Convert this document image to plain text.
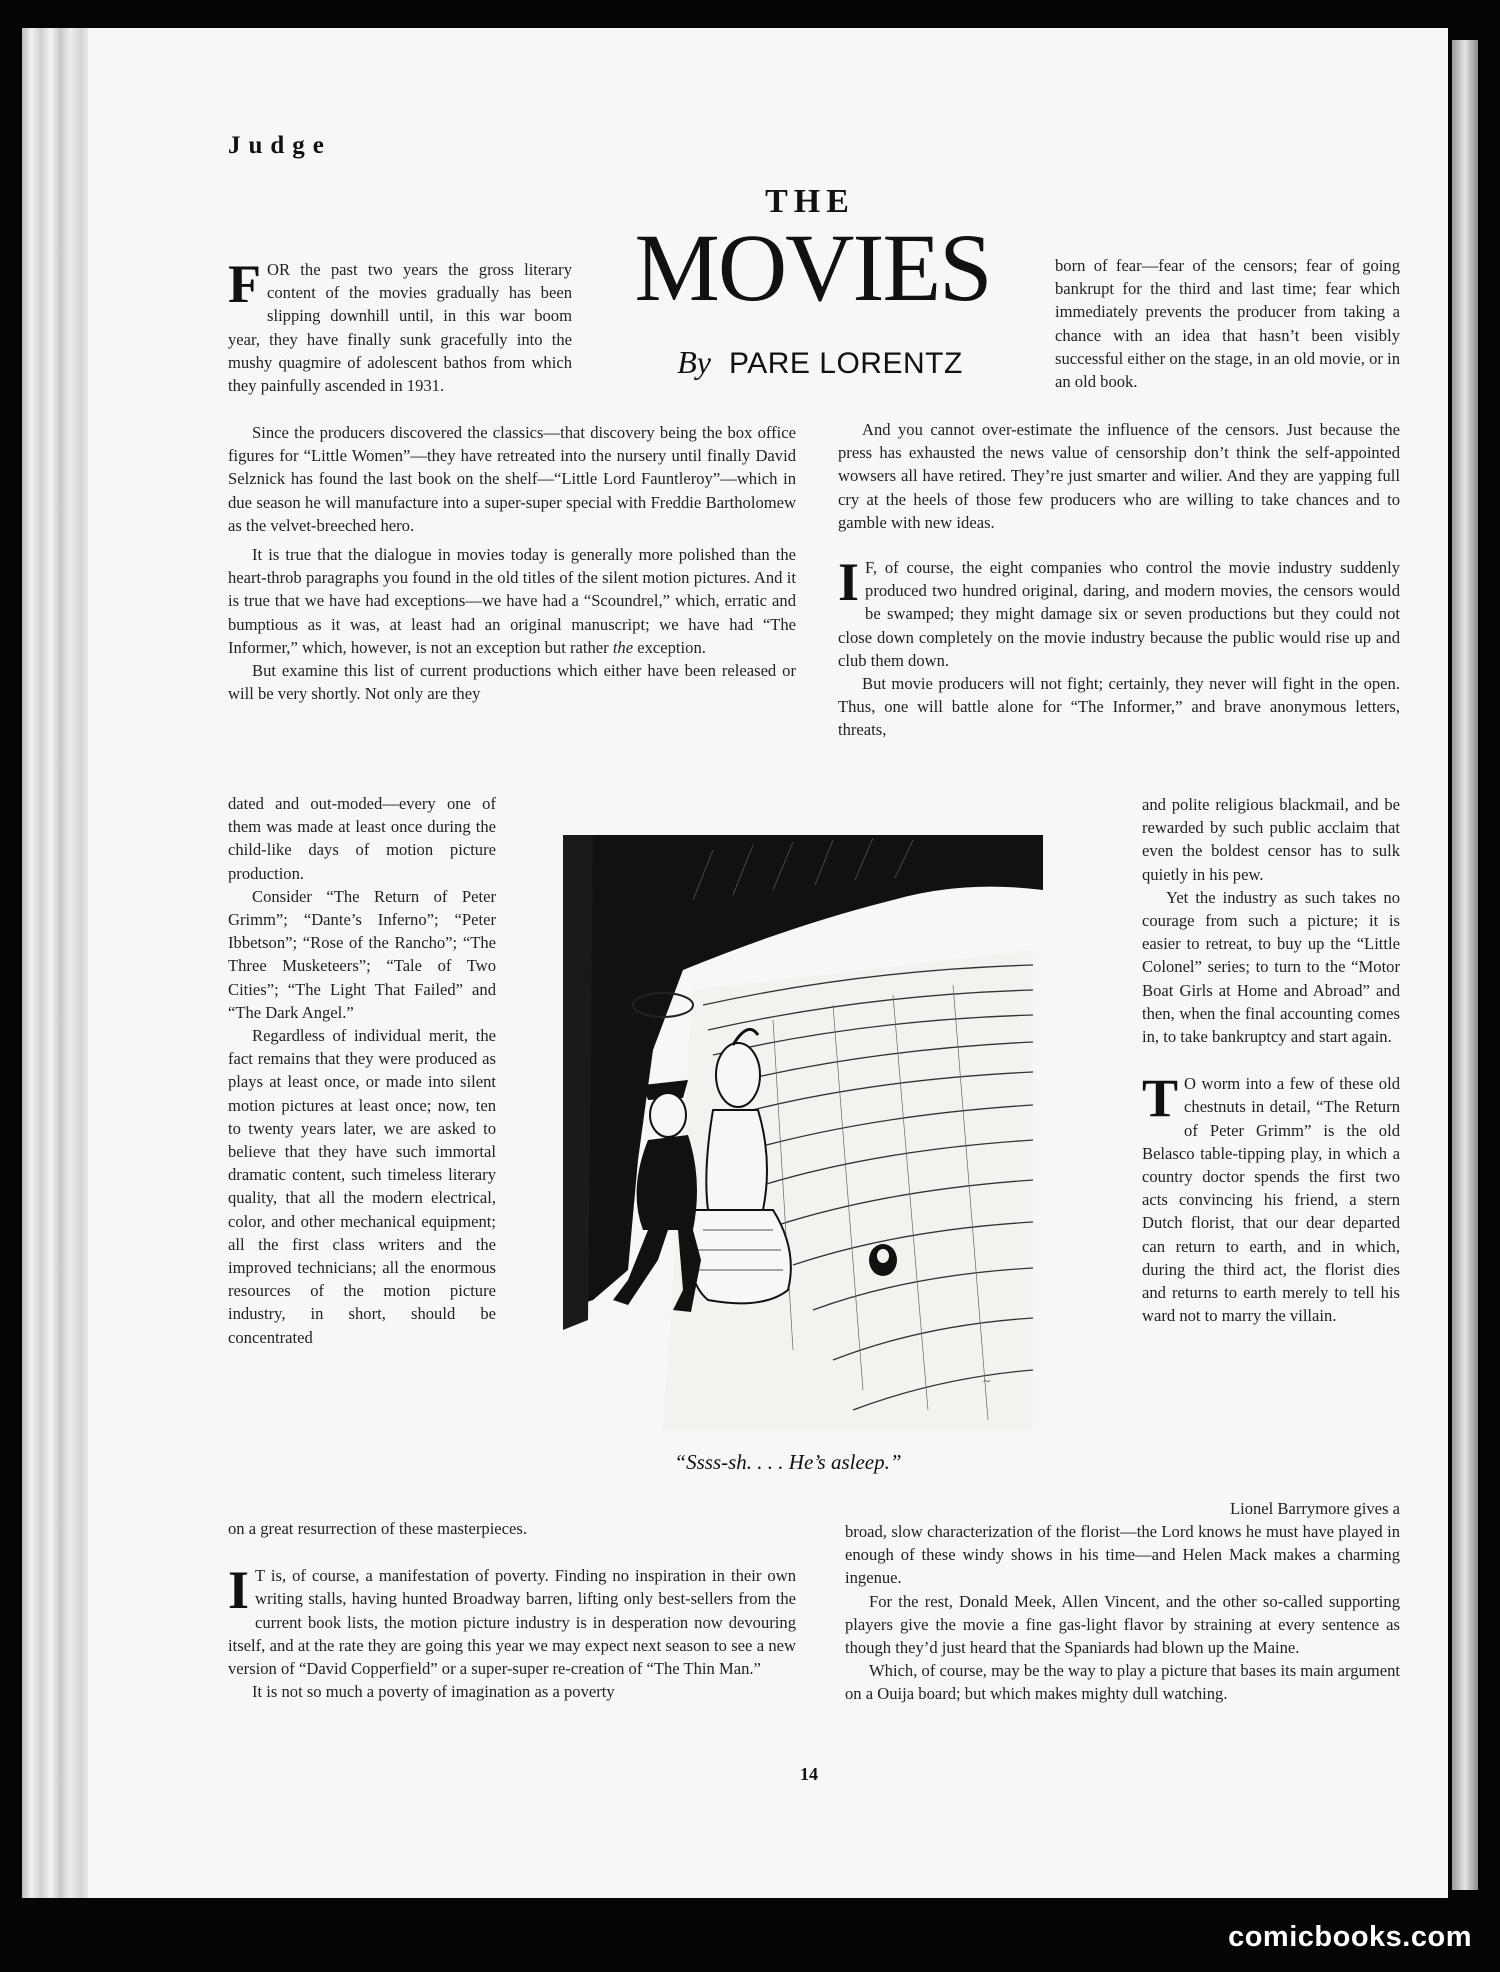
Judge
THE
MOVIES
By PARE LORENTZ

FOR the past two years the gross literary content of the movies gradually has been slipping downhill until, in this war boom year, they have finally sunk gracefully into the mushy quagmire of adolescent bathos from which they painfully ascended in 1931.

Since the producers discovered the classics—that discovery being the box office figures for “Little Women”—they have retreated into the nursery until finally David Selznick has found the last book on the shelf—“Little Lord Fauntleroy”—which in due season he will manufacture into a super-super special with Freddie Bartholomew as the velvet-breeched hero.

It is true that the dialogue in movies today is generally more polished than the heart-throb paragraphs you found in the old titles of the silent motion pictures. And it is true that we have had exceptions—we have had a “Scoundrel,” which, erratic and bumptious as it was, at least had an original manuscript; we have had “The Informer,” which, however, is not an exception but rather the exception.

But examine this list of current productions which either have been released or will be very shortly. Not only are they

dated and out-moded—every one of them was made at least once during the child-like days of motion picture production.

Consider “The Return of Peter Grimm”; “Dante’s Inferno”; “Peter Ibbetson”; “Rose of the Rancho”; “The Three Musketeers”; “Tale of Two Cities”; “The Light That Failed” and “The Dark Angel.”

Regardless of individual merit, the fact remains that they were produced as plays at least once, or made into silent motion pictures at least once; now, ten to twenty years later, we are asked to believe that they have such immortal dramatic content, such timeless literary quality, that all the modern electrical, color, and other mechanical equipment; all the first class writers and the improved technicians; all the enormous resources of the motion picture industry, in short, should be concentrated

on a great resurrection of these masterpieces.

I T is, of course, a manifestation of poverty. Finding no inspiration in their own writing stalls, having hunted Broadway barren, lifting only best-sellers from the current book lists, the motion picture industry is in desperation now devouring itself, and at the rate they are going this year we may expect next season to see a new version of “David Copperfield” or a super-super re-creation of “The Thin Man.”

It is not so much a poverty of imagination as a poverty

born of fear—fear of the censors; fear of going bankrupt for the third and last time; fear which immediately prevents the producer from taking a chance with an idea that hasn’t been visibly successful either on the stage, in an old movie, or in an old book.

And you cannot over-estimate the influence of the censors. Just because the press has exhausted the news value of censorship don’t think the self-appointed wowsers all have retired. They’re just smarter and wilier. And they are yapping full cry at the heels of those few producers who are willing to take chances and to gamble with new ideas.

I F, of course, the eight companies who control the movie industry suddenly produced two hundred original, daring, and modern movies, the censors would be swamped; they might damage six or seven productions but they could not close down completely on the movie industry because the public would rise up and club them down.

But movie producers will not fight; certainly, they never will fight in the open. Thus, one will battle alone for “The Informer,” and brave anonymous letters, threats,

and polite religious blackmail, and be rewarded by such public acclaim that even the boldest censor has to sulk quietly in his pew.

Yet the industry as such takes no courage from such a picture; it is easier to retreat, to buy up the “Little Colonel” series; to turn to the “Motor Boat Girls at Home and Abroad” and then, when the final accounting comes in, to take bankruptcy and start again.

T O worm into a few of these old chestnuts in detail, “The Return of Peter Grimm” is the old Belasco table-tipping play, in which a country doctor spends the first two acts convincing his friend, a stern Dutch florist, that our dear departed can return to earth, and in which, during the third act, the florist dies and returns to earth merely to tell his ward not to marry the villain.

Lionel Barrymore gives a

broad, slow characterization of the florist—the Lord knows he must have played in enough of these windy shows in his time—and Helen Mack makes a charming ingenue.

For the rest, Donald Meek, Allen Vincent, and the other so-called supporting players give the movie a fine gas-light flavor by straining at every sentence as though they’d just heard that the Spaniards had blown up the Maine.

Which, of course, may be the way to play a picture that bases its main argument on a Ouija board; but which makes mighty dull watching.

~
“Ssss-sh. . . . He’s asleep.”
14
comicbooks.com
